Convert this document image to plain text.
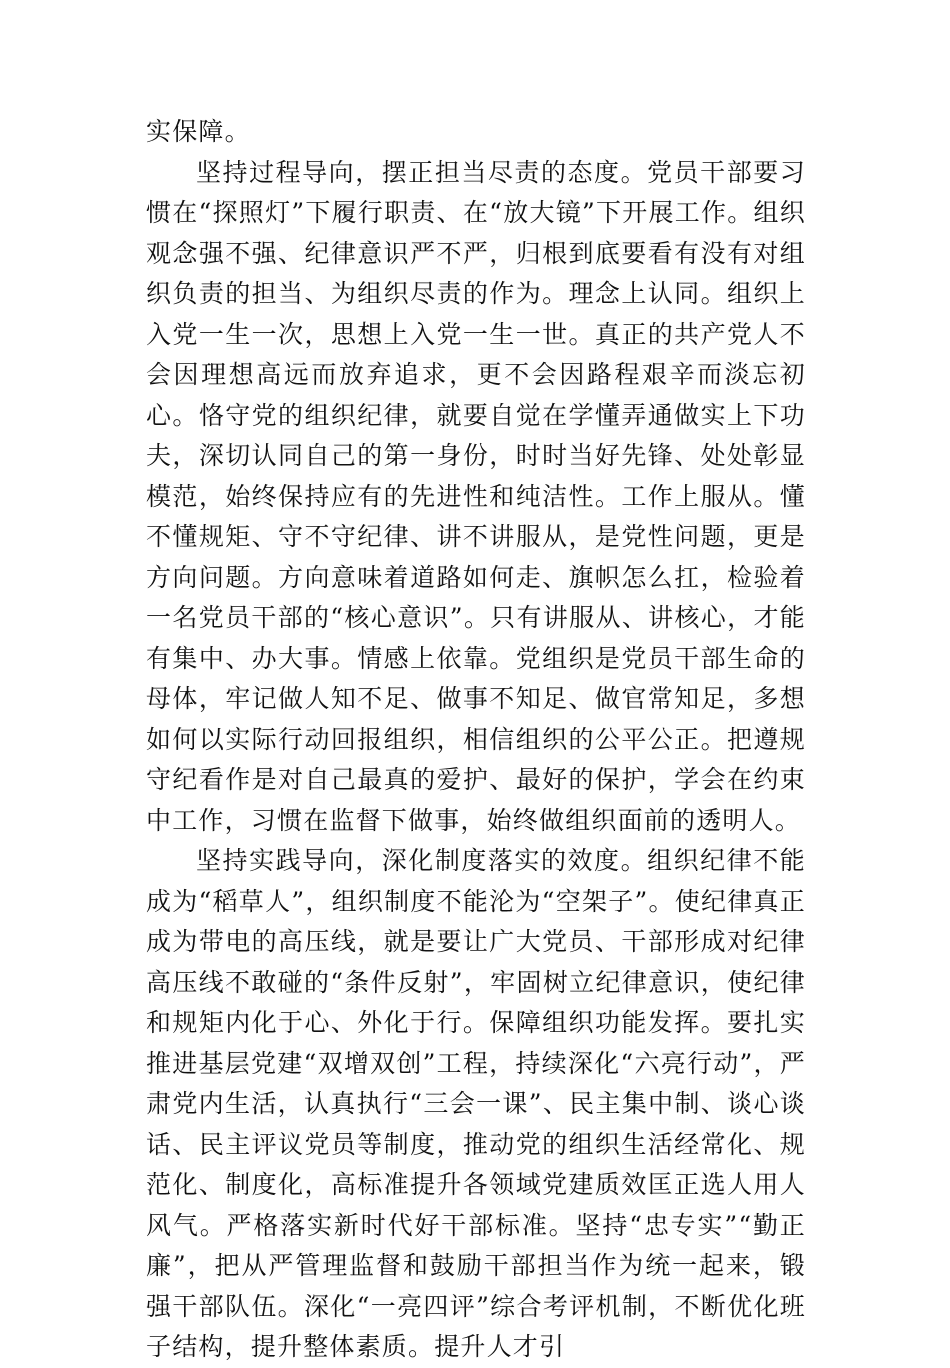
实保障。

坚持过程导向，摆正担当尽责的态度。党员干部要习惯在“探照灯”下履行职责、在“放大镜”下开展工作。组织观念强不强、纪律意识严不严，归根到底要看有没有对组织负责的担当、为组织尽责的作为。理念上认同。组织上入党一生一次，思想上入党一生一世。真正的共产党人不会因理想高远而放弃追求，更不会因路程艰辛而淡忘初心。恪守党的组织纪律，就要自觉在学懂弄通做实上下功夫，深切认同自己的第一身份，时时当好先锋、处处彰显模范，始终保持应有的先进性和纯洁性。工作上服从。懂不懂规矩、守不守纪律、讲不讲服从，是党性问题，更是方向问题。方向意味着道路如何走、旗帜怎么扛，检验着一名党员干部的“核心意识”。只有讲服从、讲核心，才能有集中、办大事。情感上依靠。党组织是党员干部生命的母体，牢记做人知不足、做事不知足、做官常知足，多想如何以实际行动回报组织，相信组织的公平公正。把遵规守纪看作是对自己最真的爱护、最好的保护，学会在约束中工作，习惯在监督下做事，始终做组织面前的透明人。

坚持实践导向，深化制度落实的效度。组织纪律不能成为“稻草人”，组织制度不能沦为“空架子”。使纪律真正成为带电的高压线，就是要让广大党员、干部形成对纪律高压线不敢碰的“条件反射”，牢固树立纪律意识，使纪律和规矩内化于心、外化于行。保障组织功能发挥。要扎实推进基层党建“双增双创”工程，持续深化“六亮行动”，严肃党内生活，认真执行“三会一课”、民主集中制、谈心谈话、民主评议党员等制度，推动党的组织生活经常化、规范化、制度化，高标准提升各领域党建质效匡正选人用人风气。严格落实新时代好干部标准。坚持“忠专实”“勤正廉”，把从严管理监督和鼓励干部担当作为统一起来，锻强干部队伍。深化“一亮四评”综合考评机制，不断优化班子结构，提升整体素质。提升人才引
